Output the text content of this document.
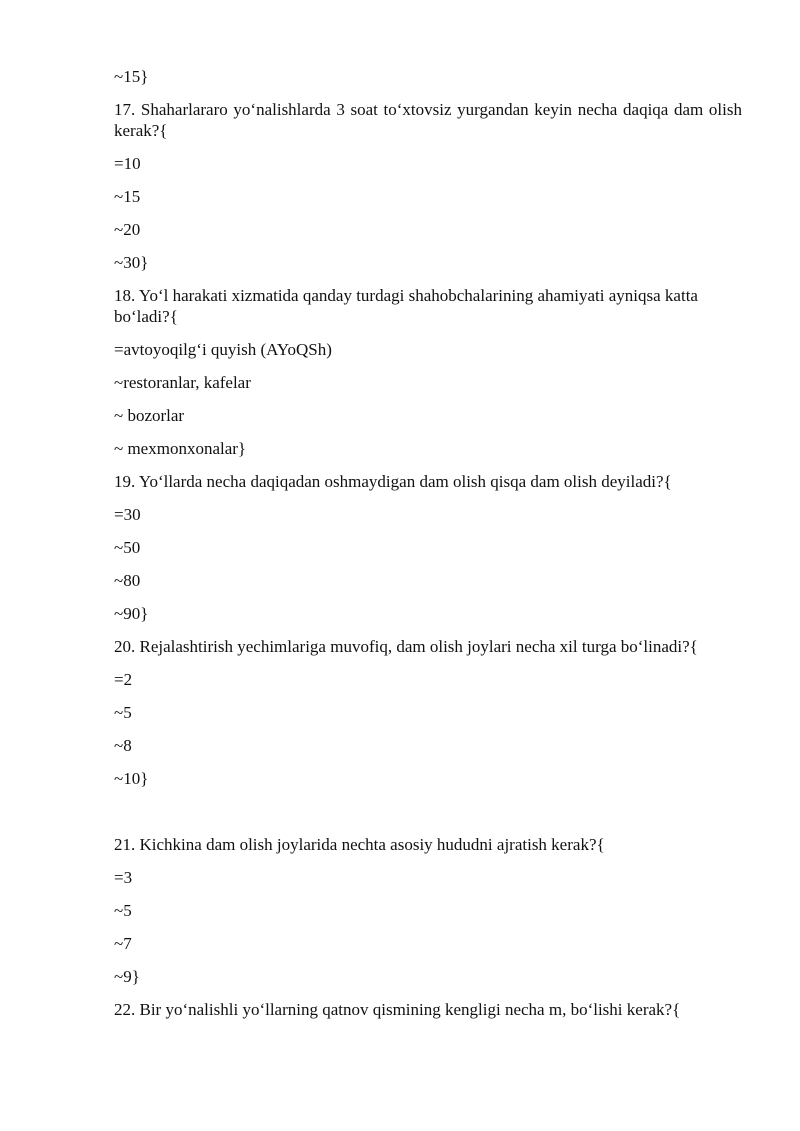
~15}
17. Shaharlararo yo‘nalishlarda 3 soat to‘xtovsiz yurgandan keyin necha daqiqa dam olish kerak?{
=10
~15
~20
~30}
18. Yo‘l harakati xizmatida qanday turdagi shahobchalarining ahamiyati ayniqsa katta bo‘ladi?{
=avtoyoqilg‘i quyish (AYoQSh)
~restoranlar, kafelar
~ bozorlar
~ mexmonxonalar}
19. Yo‘llarda necha daqiqadan oshmaydigan dam olish qisqa dam olish deyiladi?{
=30
~50
~80
~90}
20. Rejalashtirish yechimlariga muvofiq, dam olish joylari necha xil turga bo‘linadi?{
=2
~5
~8
~10}
21. Kichkina dam olish joylarida nechta asosiy hududni ajratish kerak?{
=3
~5
~7
~9}
22. Bir yo‘nalishli yo‘llarning qatnov qismining kengligi necha m, bo‘lishi kerak?{
